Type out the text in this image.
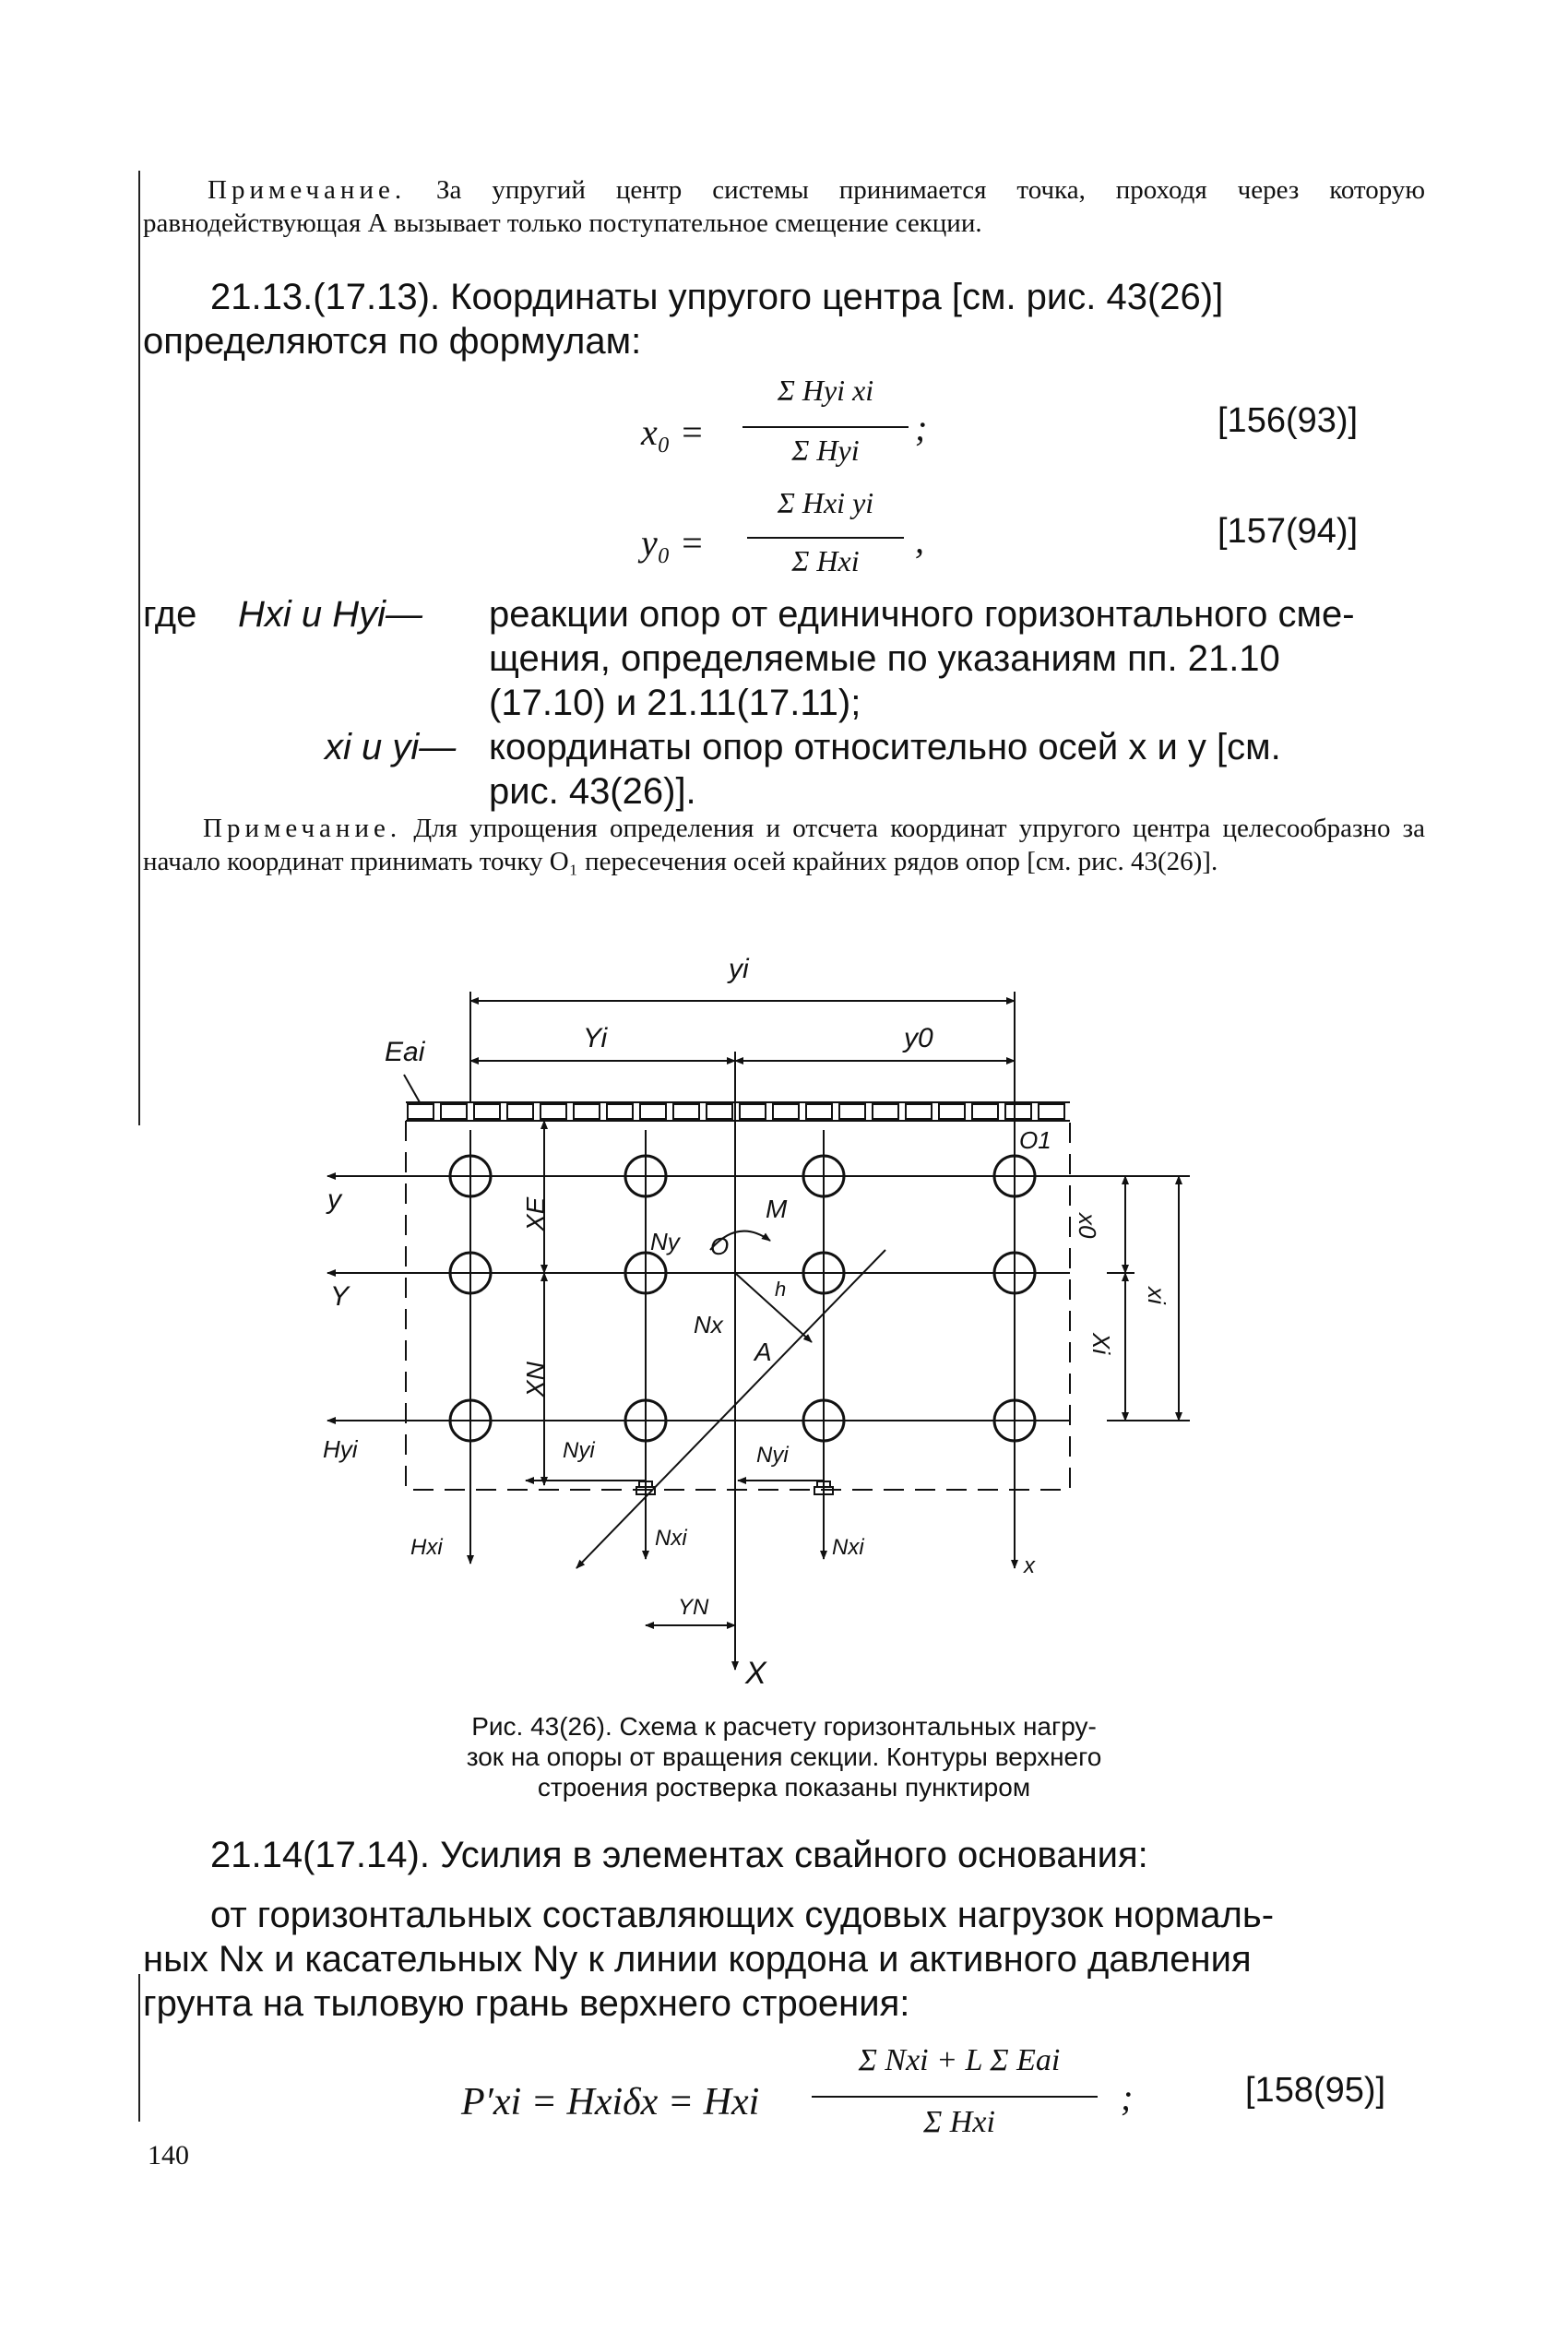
Примечание. За упругий центр системы принимается точка, проходя через которую равнодействующая А вызывает только поступательное смещение секции.
21.13.(17.13). Координаты упругого центра [см. рис. 43(26)]
определяются по формулам:
x₀ =
Σ Hyi xi
Σ Hyi
;	[156(93)]
y₀ =
Σ Hxi yi
Σ Hxi	,	[157(94)]
где Hxi и Hyi— реакции опор от единичного горизонтального сме-
щения, определяемые по указаниям пп. 21.10
(17.10) и 21.11(17.11);
xi и yi— координаты опор относительно осей x и y [см.
рис. 43(26)].
Примечание. Для упрощения определения и отсчета координат упругого центра целесообразно за начало координат принимать точку O₁ пересечения осей крайних рядов опор [см. рис. 43(26)].
yi
Eai	Yi	y0
O1
y
Y
Hyi
XE
XN
Ny O
M
Nx
A
h
x0
Xi
xi
Nyi	Nyi
Hxi	Nxi	Nxi
x
YN
X
Рис. 43(26). Схема к расчету горизонтальных нагру-
зок на опоры от вращения секции. Контуры верхнего
строения ростверка показаны пунктиром
21.14(17.14). Усилия в элементах свайного основания:
от горизонтальных составляющих судовых нагрузок нормаль-
ных Nx и касательных Ny к линии кордона и активного давления
грунта на тыловую грань верхнего строения:
P′xi = Hxiδx = Hxi
Σ Nxi + L Σ Eai
Σ Hxi
;	[158(95)]
140
